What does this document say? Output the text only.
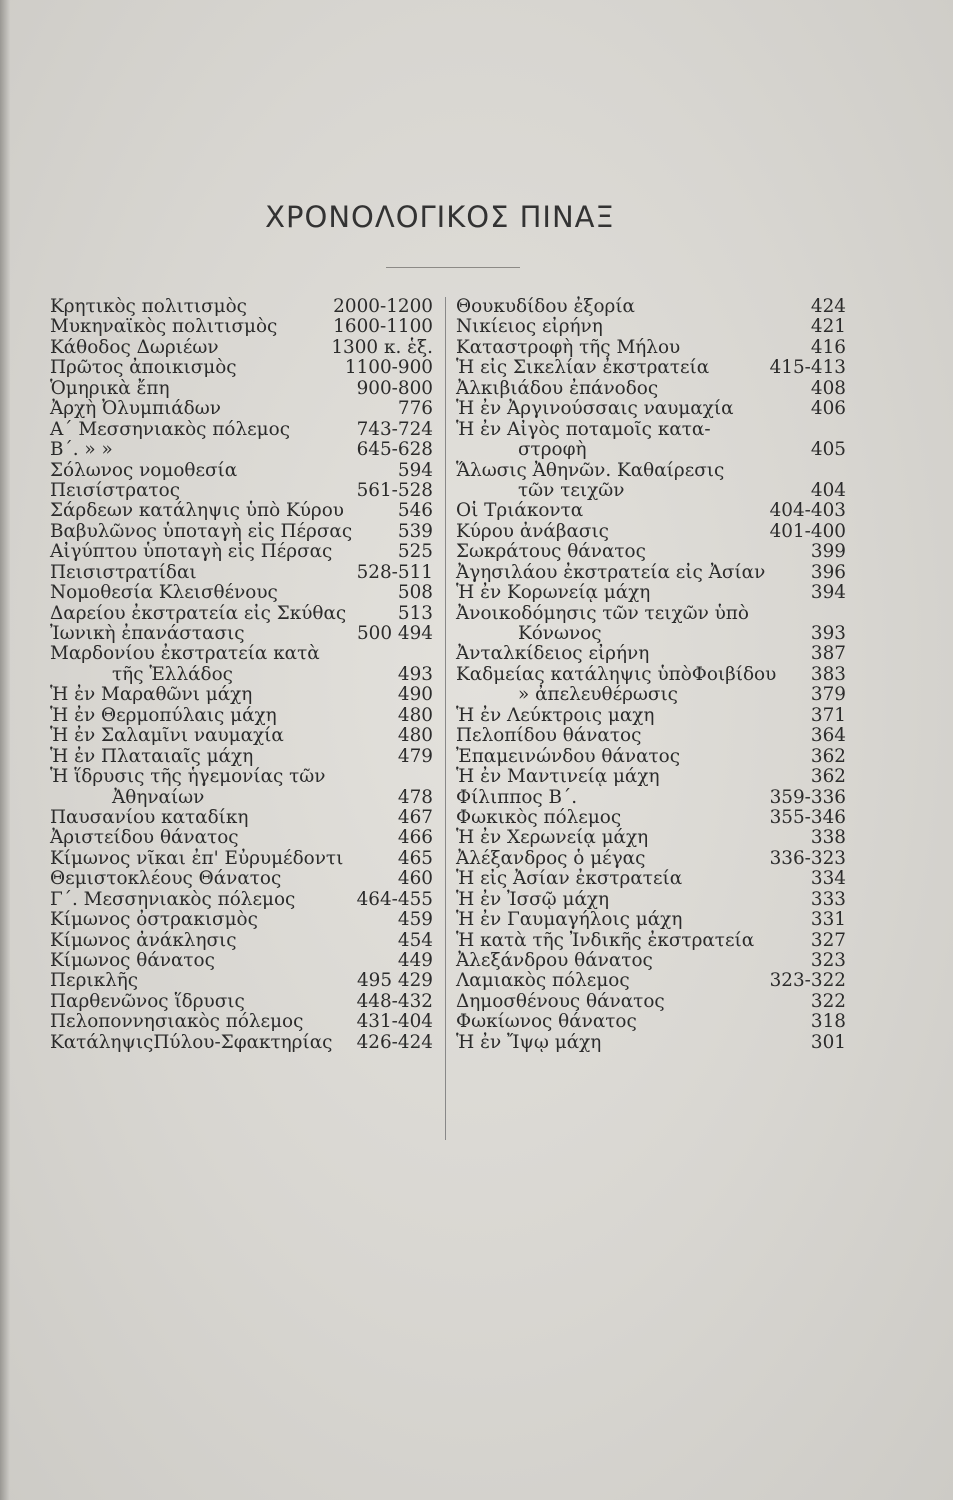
ΧΡΟΝΟΛΟΓΙΚΟΣ ΠΙΝΑΞ
Κρητικὸς πολιτισμὸς	2000-1200
Μυκηναϊκὸς πολιτισμὸς	1600-1100
Κάθοδος Δωριέων	1300 κ. ἑξ.
Πρῶτος ἀποικισμὸς	1100-900
Ὁμηρικὰ ἔπη	900-800
Ἀρχὴ Ὀλυμπιάδων	776
Α΄ Μεσσηνιακὸς πόλεμος	743-724
Β΄. » »	645-628
Σόλωνος νομοθεσία	594
Πεισίστρατος	561-528
Σάρδεων κατάληψις ὑπὸ Κύρου	546
Βαβυλῶνος ὑποταγὴ εἰς Πέρσας 539
Αἰγύπτου ὑποταγὴ εἰς Πέρσας	525
Πεισιστρατίδαι	528-511
Νομοθεσία Κλεισθένους	508
Δαρείου ἐκστρατεία εἰς Σκύθας	513
Ἰωνικὴ ἐπανάστασις	500 494
Μαρδονίου ἐκστρατεία κατὰ
τῆς Ἑλλάδος	493
Ἡ ἐν Μαραθῶνι μάχη	490
Ἡ ἐν Θερμοπύλαις μάχη	480
Ἡ ἐν Σαλαμῖνι ναυμαχία	480
Ἡ ἐν Πλαταιαῖς μάχη	479
Ἡ ἵδρυσις τῆς ἡγεμονίας τῶν
Ἀθηναίων	478
Παυσανίου καταδίκη	467
Ἀριστείδου θάνατος	466
Κίμωνος νῖκαι ἐπ' Εὐρυμέδοντι	465
Θεμιστοκλέους Θάνατος	460
Γ΄. Μεσσηνιακὸς πόλεμος	464-455
Κίμωνος ὀστρακισμὸς	459
Κίμωνος ἀνάκλησις	454
Κίμωνος θάνατος	449
Περικλῆς	495 429
Παρθενῶνος ἵδρυσις	448-432
Πελοποννησιακὸς πόλεμος	431-404
ΚατάληψιςΠύλου-Σφακτηρίας 426-424
Θουκυδίδου ἐξορία	424
Νικίειος εἰρήνη	421
Καταστροφὴ τῆς Μήλου	416
Ἡ εἰς Σικελίαν ἐκστρατεία	415-413
Ἀλκιβιάδου ἐπάνοδος	408
Ἡ ἐν Ἀργινούσσαις ναυμαχία	406
Ἡ ἐν Αἰγὸς ποταμοῖς κατα-
στροφὴ	405
Ἅλωσις Ἀθηνῶν. Καθαίρεσις
τῶν τειχῶν	404
Οἱ Τριάκοντα	404-403
Κύρου ἀνάβασις	401-400
Σωκράτους θάνατος	399
Ἀγησιλάου ἐκστρατεία εἰς Ἀσίαν 396
Ἡ ἐν Κορωνείᾳ μάχη	394
Ἀνοικοδόμησις τῶν τειχῶν ὑπὸ
Κόνωνος	393
Ἀνταλκίδειος εἰρήνη	387
Καδμείας κατάληψις ὑπὸΦοιβίδου 383
» ἀπελευθέρωσις	379
Ἡ ἐν Λεύκτροις μαχη	371
Πελοπίδου θάνατος	364
Ἐπαμεινώνδου θάνατος	362
Ἡ ἐν Μαντινείᾳ μάχη	362
Φίλιππος Β΄.	359-336
Φωκικὸς πόλεμος	355-346
Ἡ ἐν Χερωνείᾳ μάχη	338
Ἀλέξανδρος ὁ μέγας	336-323
Ἡ εἰς Ἀσίαν ἐκστρατεία	334
Ἡ ἐν Ἰσσῷ μάχη	333
Ἡ ἐν Γαυμαγήλοις μάχη	331
Ἡ κατὰ τῆς Ἰνδικῆς ἐκστρατεία	327
Ἀλεξάνδρου θάνατος	323
Λαμιακὸς πόλεμος	323-322
Δημοσθένους θάνατος	322
Φωκίωνος θάνατος	318
Ἡ ἐν Ἴψῳ μάχη	301
